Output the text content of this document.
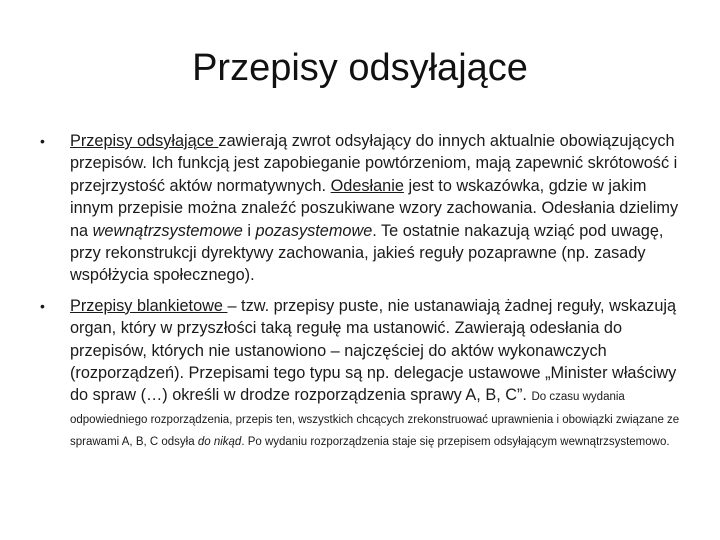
Przepisy odsyłające
• Przepisy odsyłające zawierają zwrot odsyłający do innych aktualnie obowiązujących przepisów. Ich funkcją jest zapobieganie powtórzeniom, mają zapewnić skrótowość i przejrzystość aktów normatywnych. Odesłanie jest to wskazówka, gdzie w jakim innym przepisie można znaleźć poszukiwane wzory zachowania. Odesłania dzielimy na wewnątrzsystemowe i pozasystemowe. Te ostatnie nakazują wziąć pod uwagę, przy rekonstrukcji dyrektywy zachowania, jakieś reguły pozaprawne (np. zasady współżycia społecznego).
• Przepisy blankietowe – tzw. przepisy puste, nie ustanawiają żadnej reguły, wskazują organ, który w przyszłości taką regułę ma ustanowić. Zawierają odesłania do przepisów, których nie ustanowiono – najczęściej do aktów wykonawczych (rozporządzeń). Przepisami tego typu są np. delegacje ustawowe „Minister właściwy do spraw (…) określi w drodze rozporządzenia sprawy A, B, C”. Do czasu wydania odpowiedniego rozporządzenia, przepis ten, wszystkich chcących zrekonstruować uprawnienia i obowiązki związane ze sprawami A, B, C odsyła do nikąd. Po wydaniu rozporządzenia staje się przepisem odsyłającym wewnątrzsystemowo.
